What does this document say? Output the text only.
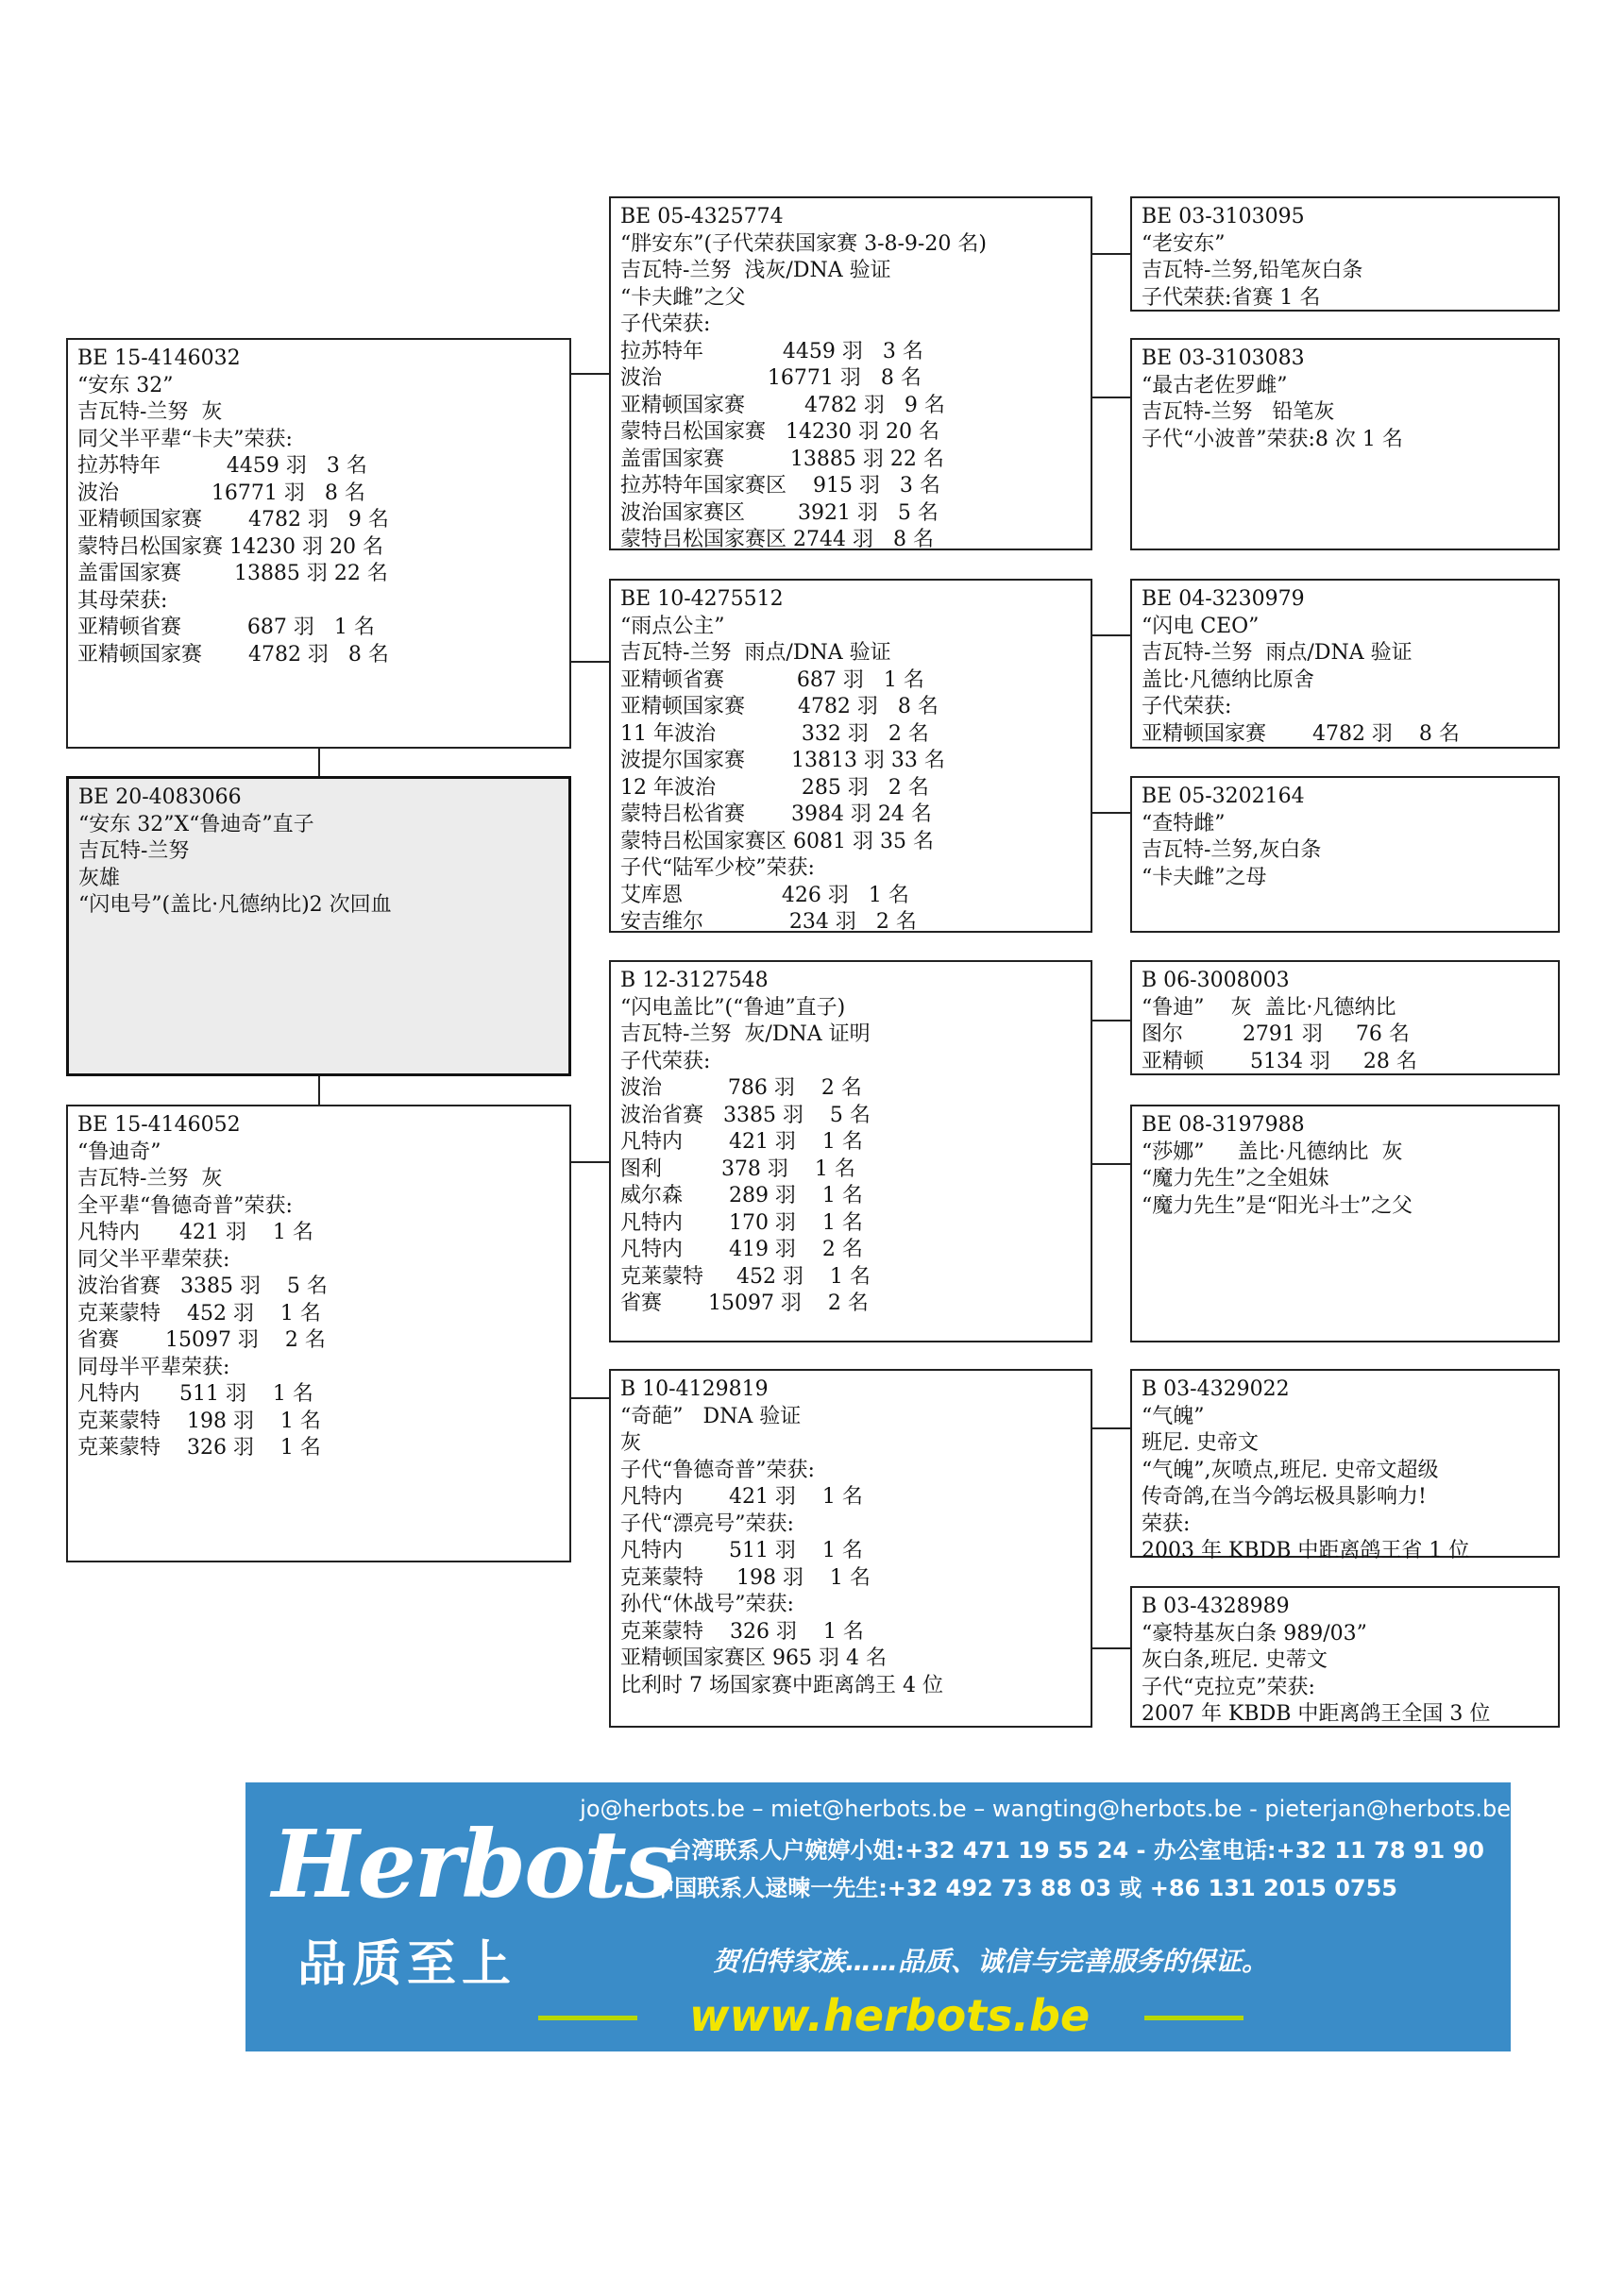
BE 15-4146032
“安东 32”
吉瓦特-兰努  灰
同父半平辈“卡夫”荣获:
拉苏特年          4459 羽   3 名
波治              16771 羽   8 名
亚精顿国家赛       4782 羽   9 名
蒙特吕松国家赛 14230 羽 20 名
盖雷国家赛        13885 羽 22 名
其母荣获:
亚精顿省赛          687 羽   1 名
亚精顿国家赛       4782 羽   8 名
BE 20-4083066
“安东 32”X“鲁迪奇”直子
吉瓦特-兰努
灰雄
“闪电号”(盖比·凡德纳比)2 次回血
BE 15-4146052
“鲁迪奇”
吉瓦特-兰努  灰
全平辈“鲁德奇普”荣获:
凡特内      421 羽    1 名
同父半平辈荣获:
波治省赛   3385 羽    5 名
克莱蒙特    452 羽    1 名
省赛       15097 羽    2 名
同母半平辈荣获:
凡特内      511 羽    1 名
克莱蒙特    198 羽    1 名
克莱蒙特    326 羽    1 名
BE 05-4325774
“胖安东”(子代荣获国家赛 3-8-9-20 名)
吉瓦特-兰努  浅灰/DNA 验证
“卡夫雌”之父
子代荣获:
拉苏特年            4459 羽   3 名
波治                16771 羽   8 名
亚精顿国家赛         4782 羽   9 名
蒙特吕松国家赛   14230 羽 20 名
盖雷国家赛          13885 羽 22 名
拉苏特年国家赛区    915 羽   3 名
波治国家赛区        3921 羽   5 名
蒙特吕松国家赛区 2744 羽   8 名
BE 10-4275512
“雨点公主”
吉瓦特-兰努  雨点/DNA 验证
亚精顿省赛           687 羽   1 名
亚精顿国家赛        4782 羽   8 名
11 年波治             332 羽   2 名
波提尔国家赛       13813 羽 33 名
12 年波治             285 羽   2 名
蒙特吕松省赛       3984 羽 24 名
蒙特吕松国家赛区 6081 羽 35 名
子代“陆军少校”荣获:
艾库恩               426 羽   1 名
安吉维尔             234 羽   2 名
B 12-3127548
“闪电盖比”(“鲁迪”直子)
吉瓦特-兰努  灰/DNA 证明
子代荣获:
波治          786 羽    2 名
波治省赛   3385 羽    5 名
凡特内       421 羽    1 名
图利         378 羽    1 名
威尔森       289 羽    1 名
凡特内       170 羽    1 名
凡特内       419 羽    2 名
克莱蒙特     452 羽    1 名
省赛       15097 羽    2 名
B 10-4129819
“奇葩”   DNA 验证
灰
子代“鲁德奇普”荣获:
凡特内       421 羽    1 名
子代“漂亮号”荣获:
凡特内       511 羽    1 名
克莱蒙特     198 羽    1 名
孙代“休战号”荣获:
克莱蒙特    326 羽    1 名
亚精顿国家赛区 965 羽 4 名
比利时 7 场国家赛中距离鸽王 4 位
BE 03-3103095
“老安东”
吉瓦特-兰努,铅笔灰白条
子代荣获:省赛 1 名
BE 03-3103083
“最古老佐罗雌”
吉瓦特-兰努   铅笔灰
子代“小波普”荣获:8 次 1 名
BE 04-3230979
“闪电 CEO”
吉瓦特-兰努  雨点/DNA 验证
盖比·凡德纳比原舍
子代荣获:
亚精顿国家赛       4782 羽    8 名
BE 05-3202164
“查特雌”
吉瓦特-兰努,灰白条
“卡夫雌”之母
B 06-3008003
“鲁迪”    灰  盖比·凡德纳比
图尔         2791 羽     76 名
亚精顿       5134 羽     28 名
BE 08-3197988
“莎娜”     盖比·凡德纳比  灰
“魔力先生”之全姐妹
“魔力先生”是“阳光斗士”之父
B 03-4329022
“气魄”
班尼. 史帝文
“气魄”,灰喷点,班尼. 史帝文超级
传奇鸽,在当今鸽坛极具影响力!
荣获:
2003 年 KBDB 中距离鸽王省 1 位
B 03-4328989
“豪特基灰白条 989/03”
灰白条,班尼. 史蒂文
子代“克拉克”荣获:
2007 年 KBDB 中距离鸽王全国 3 位
Herbots
品质至上
jo@herbots.be – miet@herbots.be – wangting@herbots.be - pieterjan@herbots.be
台湾联系人户婉婷小姐:+32 471 19 55 24 - 办公室电话:+32 11 78 91 90
中国联系人逯暕一先生:+32 492 73 88 03 或 +86 131 2015 0755
贺伯特家族……品质、诚信与完善服务的保证。
www.herbots.be
